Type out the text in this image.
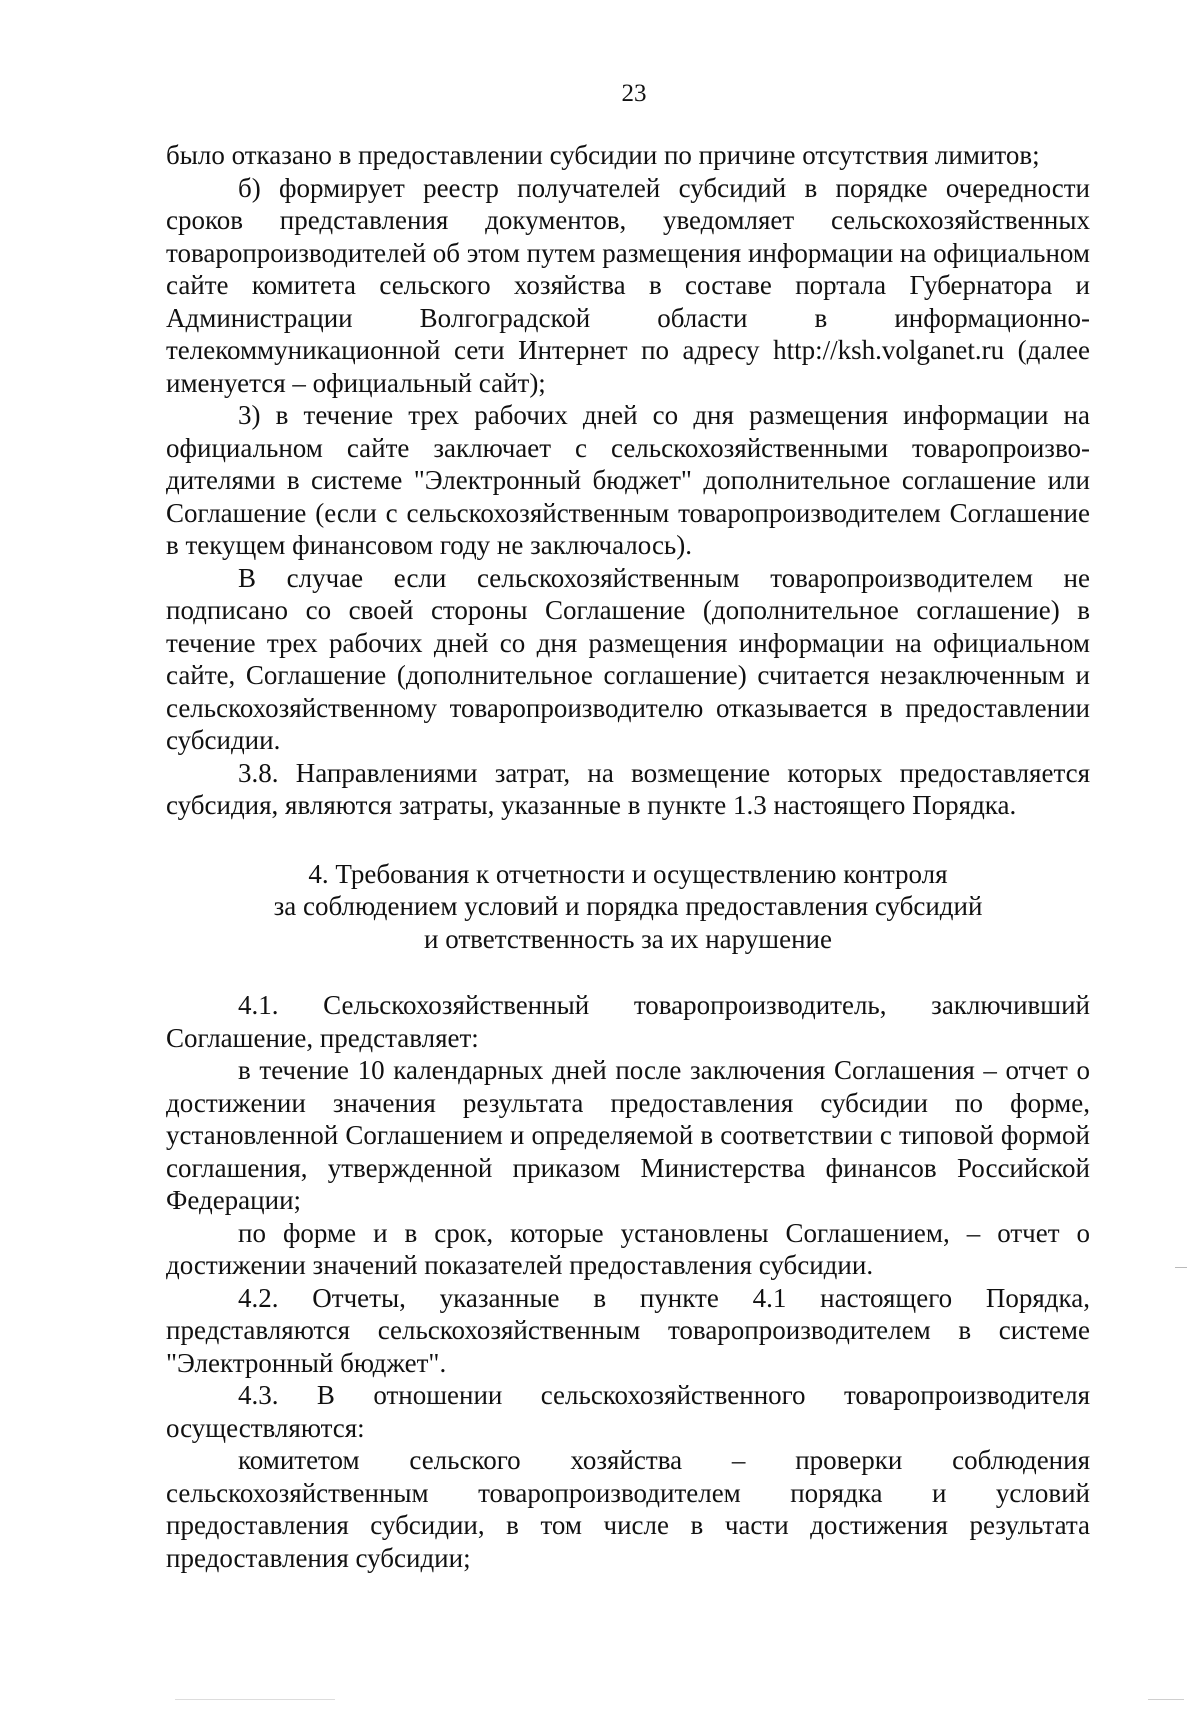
23

было отказано в предоставлении субсидии по причине отсутствия лимитов;

б) формирует реестр получателей субсидий в порядке очередности сроков представления документов, уведомляет сельскохозяйственных товаропроизводителей об этом путем размещения информации на официальном сайте комитета сельского хозяйства в составе портала Губернатора и Администрации Волгоградской области в информационно-телекоммуникационной сети Интернет по адресу http://ksh.volganet.ru (далее именуется – официальный сайт);

3) в течение трех рабочих дней со дня размещения информации на официальном сайте заключает с сельскохозяйственными товаропроизво-дителями в системе "Электронный бюджет" дополнительное соглашение или Соглашение (если с сельскохозяйственным товаропроизводителем Соглашение в текущем финансовом году не заключалось).

В случае если сельскохозяйственным товаропроизводителем не подписано со своей стороны Соглашение (дополнительное соглашение) в течение трех рабочих дней со дня размещения информации на официальном сайте, Соглашение (дополнительное соглашение) считается незаключенным и сельскохозяйственному товаропроизводителю отказывается в предоставлении субсидии.

3.8. Направлениями затрат, на возмещение которых предоставляется субсидия, являются затраты, указанные в пункте 1.3 настоящего Порядка.

4. Требования к отчетности и осуществлению контроля

за соблюдением условий и порядка предоставления субсидий

и ответственность за их нарушение

4.1. Сельскохозяйственный товаропроизводитель, заключивший Соглашение, представляет:

в течение 10 календарных дней после заключения Соглашения – отчет о достижении значения результата предоставления субсидии по форме, установленной Соглашением и определяемой в соответствии с типовой формой соглашения, утвержденной приказом Министерства финансов Российской Федерации;

по форме и в срок, которые установлены Соглашением, – отчет о достижении значений показателей предоставления субсидии.

4.2. Отчеты, указанные в пункте 4.1 настоящего Порядка, представляются сельскохозяйственным товаропроизводителем в системе "Электронный бюджет".

4.3. В отношении сельскохозяйственного товаропроизводителя осуществляются:

комитетом сельского хозяйства – проверки соблюдения сельскохозяйственным товаропроизводителем порядка и условий предоставления субсидии, в том числе в части достижения результата предоставления субсидии;
